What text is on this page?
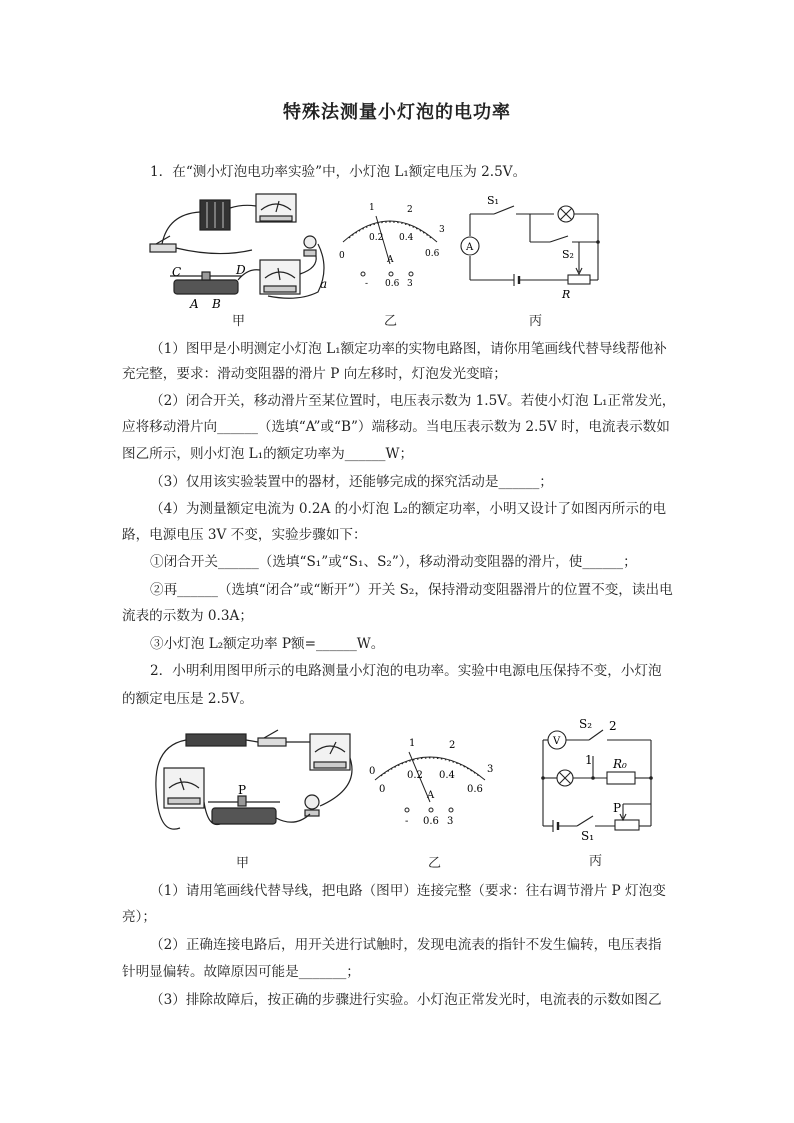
特殊法测量小灯泡的电功率
1．在“测小灯泡电功率实验”中，小灯泡 L₁额定电压为 2.5V。
C	D
A B
a
甲
0
0.2 0.4
0.6
1	2
3
A
- 0.6 3
乙
S₁
A
S₂
R
丙
（1）图甲是小明测定小灯泡 L₁额定功率的实物电路图，请你用笔画线代替导线帮他补
充完整，要求：滑动变阻器的滑片 P 向左移时，灯泡发光变暗；
（2）闭合开关，移动滑片至某位置时，电压表示数为 1.5V。若使小灯泡 L₁正常发光，
应将移动滑片向______（选填“A”或“B”）端移动。当电压表示数为 2.5V 时，电流表示数如
图乙所示，则小灯泡 L₁的额定功率为______W；
（3）仅用该实验装置中的器材，还能够完成的探究活动是______；
（4）为测量额定电流为 0.2A 的小灯泡 L₂的额定功率，小明又设计了如图丙所示的电
路，电源电压 3V 不变，实验步骤如下：
①闭合开关______（选填“S₁”或“S₁、S₂”），移动滑动变阻器的滑片，使______；
②再______（选填“闭合”或“断开”）开关 S₂，保持滑动变阻器滑片的位置不变，读出电
流表的示数为 0.3A；
③小灯泡 L₂额定功率 P额=______W。
2．小明利用图甲所示的电路测量小灯泡的电功率。实验中电源电压保持不变，小灯泡
的额定电压是 2.5V。
P
甲
0
1	2
3
0
0.2 0.4
0.6
A
- 0.6 3
乙
V
S₂ 2
1 R₀
P
S₁
丙
（1）请用笔画线代替导线，把电路（图甲）连接完整（要求：往右调节滑片 P 灯泡变
亮）；
（2）正确连接电路后，用开关进行试触时，发现电流表的指针不发生偏转，电压表指
针明显偏转。故障原因可能是_______；
（3）排除故障后，按正确的步骤进行实验。小灯泡正常发光时，电流表的示数如图乙
